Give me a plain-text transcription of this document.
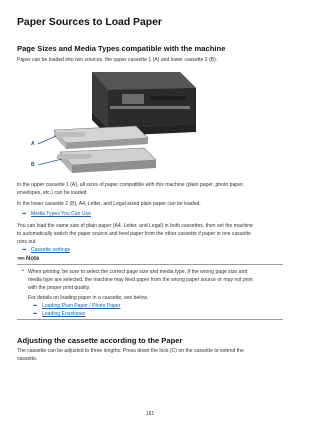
Paper Sources to Load Paper
Page Sizes and Media Types compatible with the machine

Paper can be loaded into two sources, the upper cassette 1 (A) and lower cassette 2 (B).

A
B

In the upper cassette 1 (A), all sizes of paper compatible with this machine (plain paper, photo paper,

envelopes, etc.) can be loaded.

In the lower cassette 2 (B), A4, Letter, and Legal-sized plain paper can be loaded.

➡ Media Types You Can Use

You can load the same size of plain paper (A4, Letter, and Legal) in both cassettes, then set the machine

to automatically switch the paper source and feed paper from the other cassette if paper in one cassette

runs out.

➡ Cassette settings
»»» Note
• When printing, be sure to select the correct page size and media type. If the wrong page size and

media type are selected, the machine may feed paper from the wrong paper source or may not print

with the proper print quality.

For details on loading paper in a cassette, see below.

➡ Loading Plain Paper / Photo Paper
➡ Loading Envelopes
Adjusting the cassette according to the Paper

The cassette can be adjusted to three lengths. Press down the lock (C) on the cassette to extend the

cassette.

161
